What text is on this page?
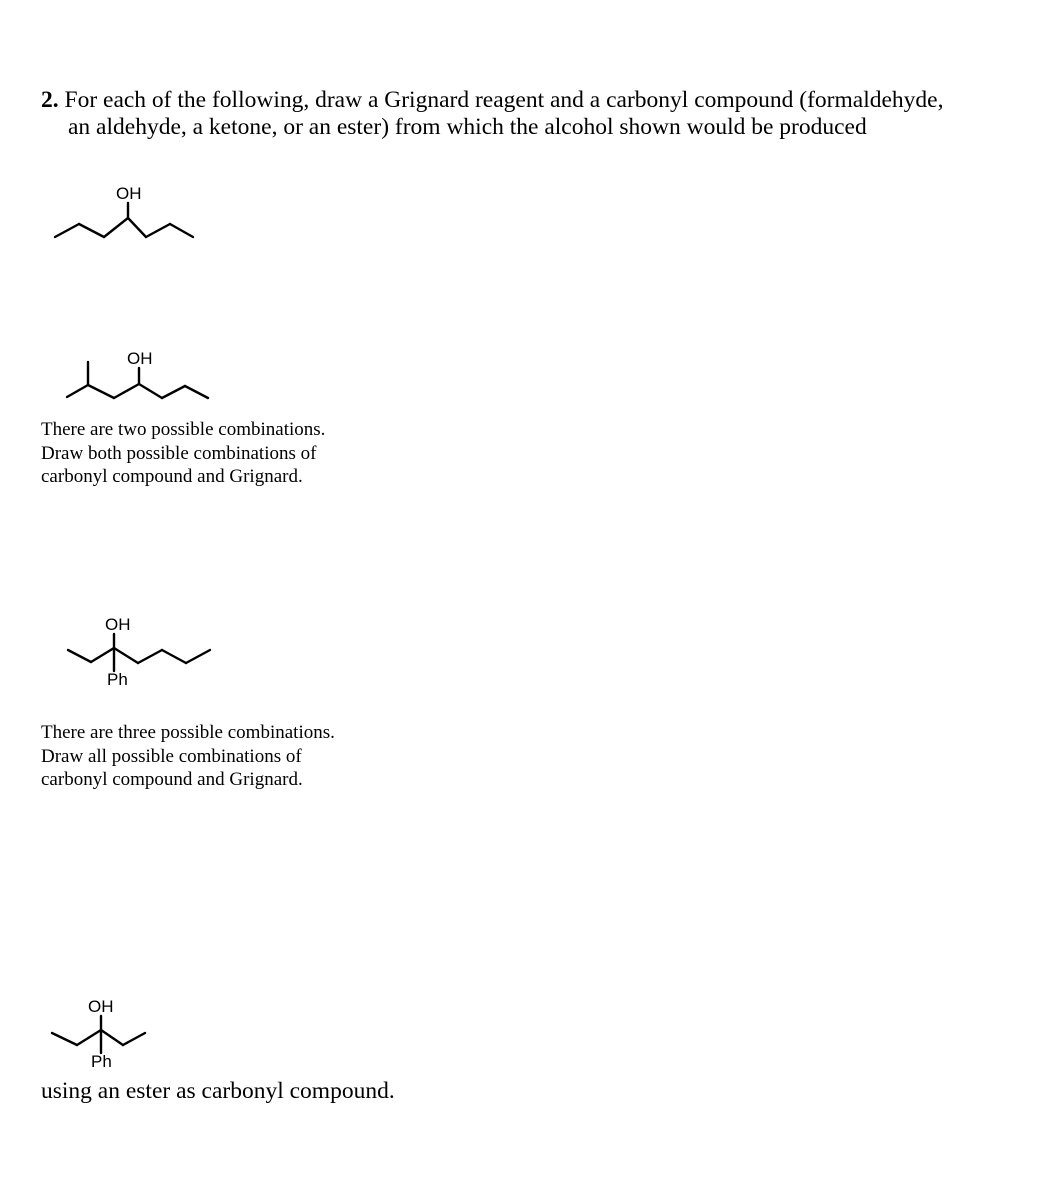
2. For each of the following, draw a Grignard reagent and a carbonyl compound (formaldehyde,
an aldehyde, a ketone, or an ester) from which the alcohol shown would be produced
OH
OH
There are two possible combinations.
Draw both possible combinations of
carbonyl compound and Grignard.
OH
Ph
There are three possible combinations.
Draw all possible combinations of
carbonyl compound and Grignard.
OH
Ph
using an ester as carbonyl compound.
